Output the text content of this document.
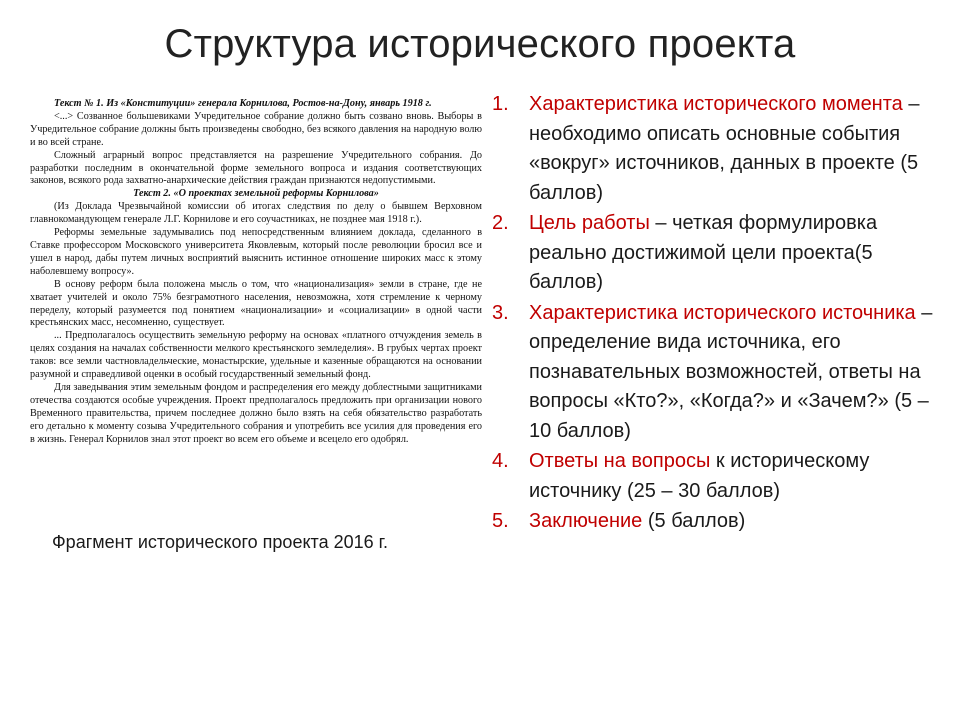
Структура исторического проекта

Текст № 1. Из «Конституции» генерала Корнилова, Ростов-на-Дону, январь 1918 г.

<...> Созванное большевиками Учредительное собрание должно быть созвано вновь. Выборы в Учредительное собрание должны быть произведены свободно, без всякого давления на народную волю и во всей стране.

Сложный аграрный вопрос представляется на разрешение Учредительного собрания. До разработки последним в окончательной форме земельного вопроса и издания соответствующих законов, всякого рода захватно-анархические действия граждан признаются недопустимыми.

Текст 2. «О проектах земельной реформы Корнилова»

(Из Доклада Чрезвычайной комиссии об итогах следствия по делу о бывшем Верховном главнокомандующем генерале Л.Г. Корнилове и его соучастниках, не позднее мая 1918 г.).

Реформы земельные задумывались под непосредственным влиянием доклада, сделанного в Ставке профессором Московского университета Яковлевым, который после революции бросил все и ушел в народ, дабы путем личных восприятий выяснить истинное отношение широких масс к этому наболевшему вопросу».

В основу реформ была положена мысль о том, что «национализация» земли в стране, где не хватает учителей и около 75% безграмотного населения, невозможна, хотя стремление к черному переделу, который разумеется под понятием «национализации» и «социализации» в одной части крестьянских масс, несомненно, существует.

... Предполагалось осуществить земельную реформу на основах «платного отчуждения земель в целях создания на началах собственности мелкого крестьянского земледелия». В грубых чертах проект таков: все земли частновладельческие, монастырские, удельные и казенные обращаются на основании разумной и справедливой оценки в особый государственный земельный фонд.

Для заведывания этим земельным фондом и распределения его между доблестными защитниками отечества создаются особые учреждения. Проект предполагалось предложить при организации нового Временного правительства, причем последнее должно было взять на себя обязательство разработать его детально к моменту созыва Учредительного собрания и употребить все усилия для проведения его в жизнь. Генерал Корнилов знал этот проект во всем его объеме и всецело его одобрял.

Фрагмент исторического проекта 2016 г.
1. Характеристика исторического момента – необходимо описать основные события «вокруг» источников, данных в проекте (5 баллов)
2. Цель работы – четкая формулировка реально достижимой цели проекта(5 баллов)
3. Характеристика исторического источника – определение вида источника, его познавательных возможностей, ответы на вопросы «Кто?», «Когда?» и «Зачем?» (5 – 10 баллов)
4. Ответы на вопросы к историческому источнику (25 – 30 баллов)
5. Заключение (5 баллов)
